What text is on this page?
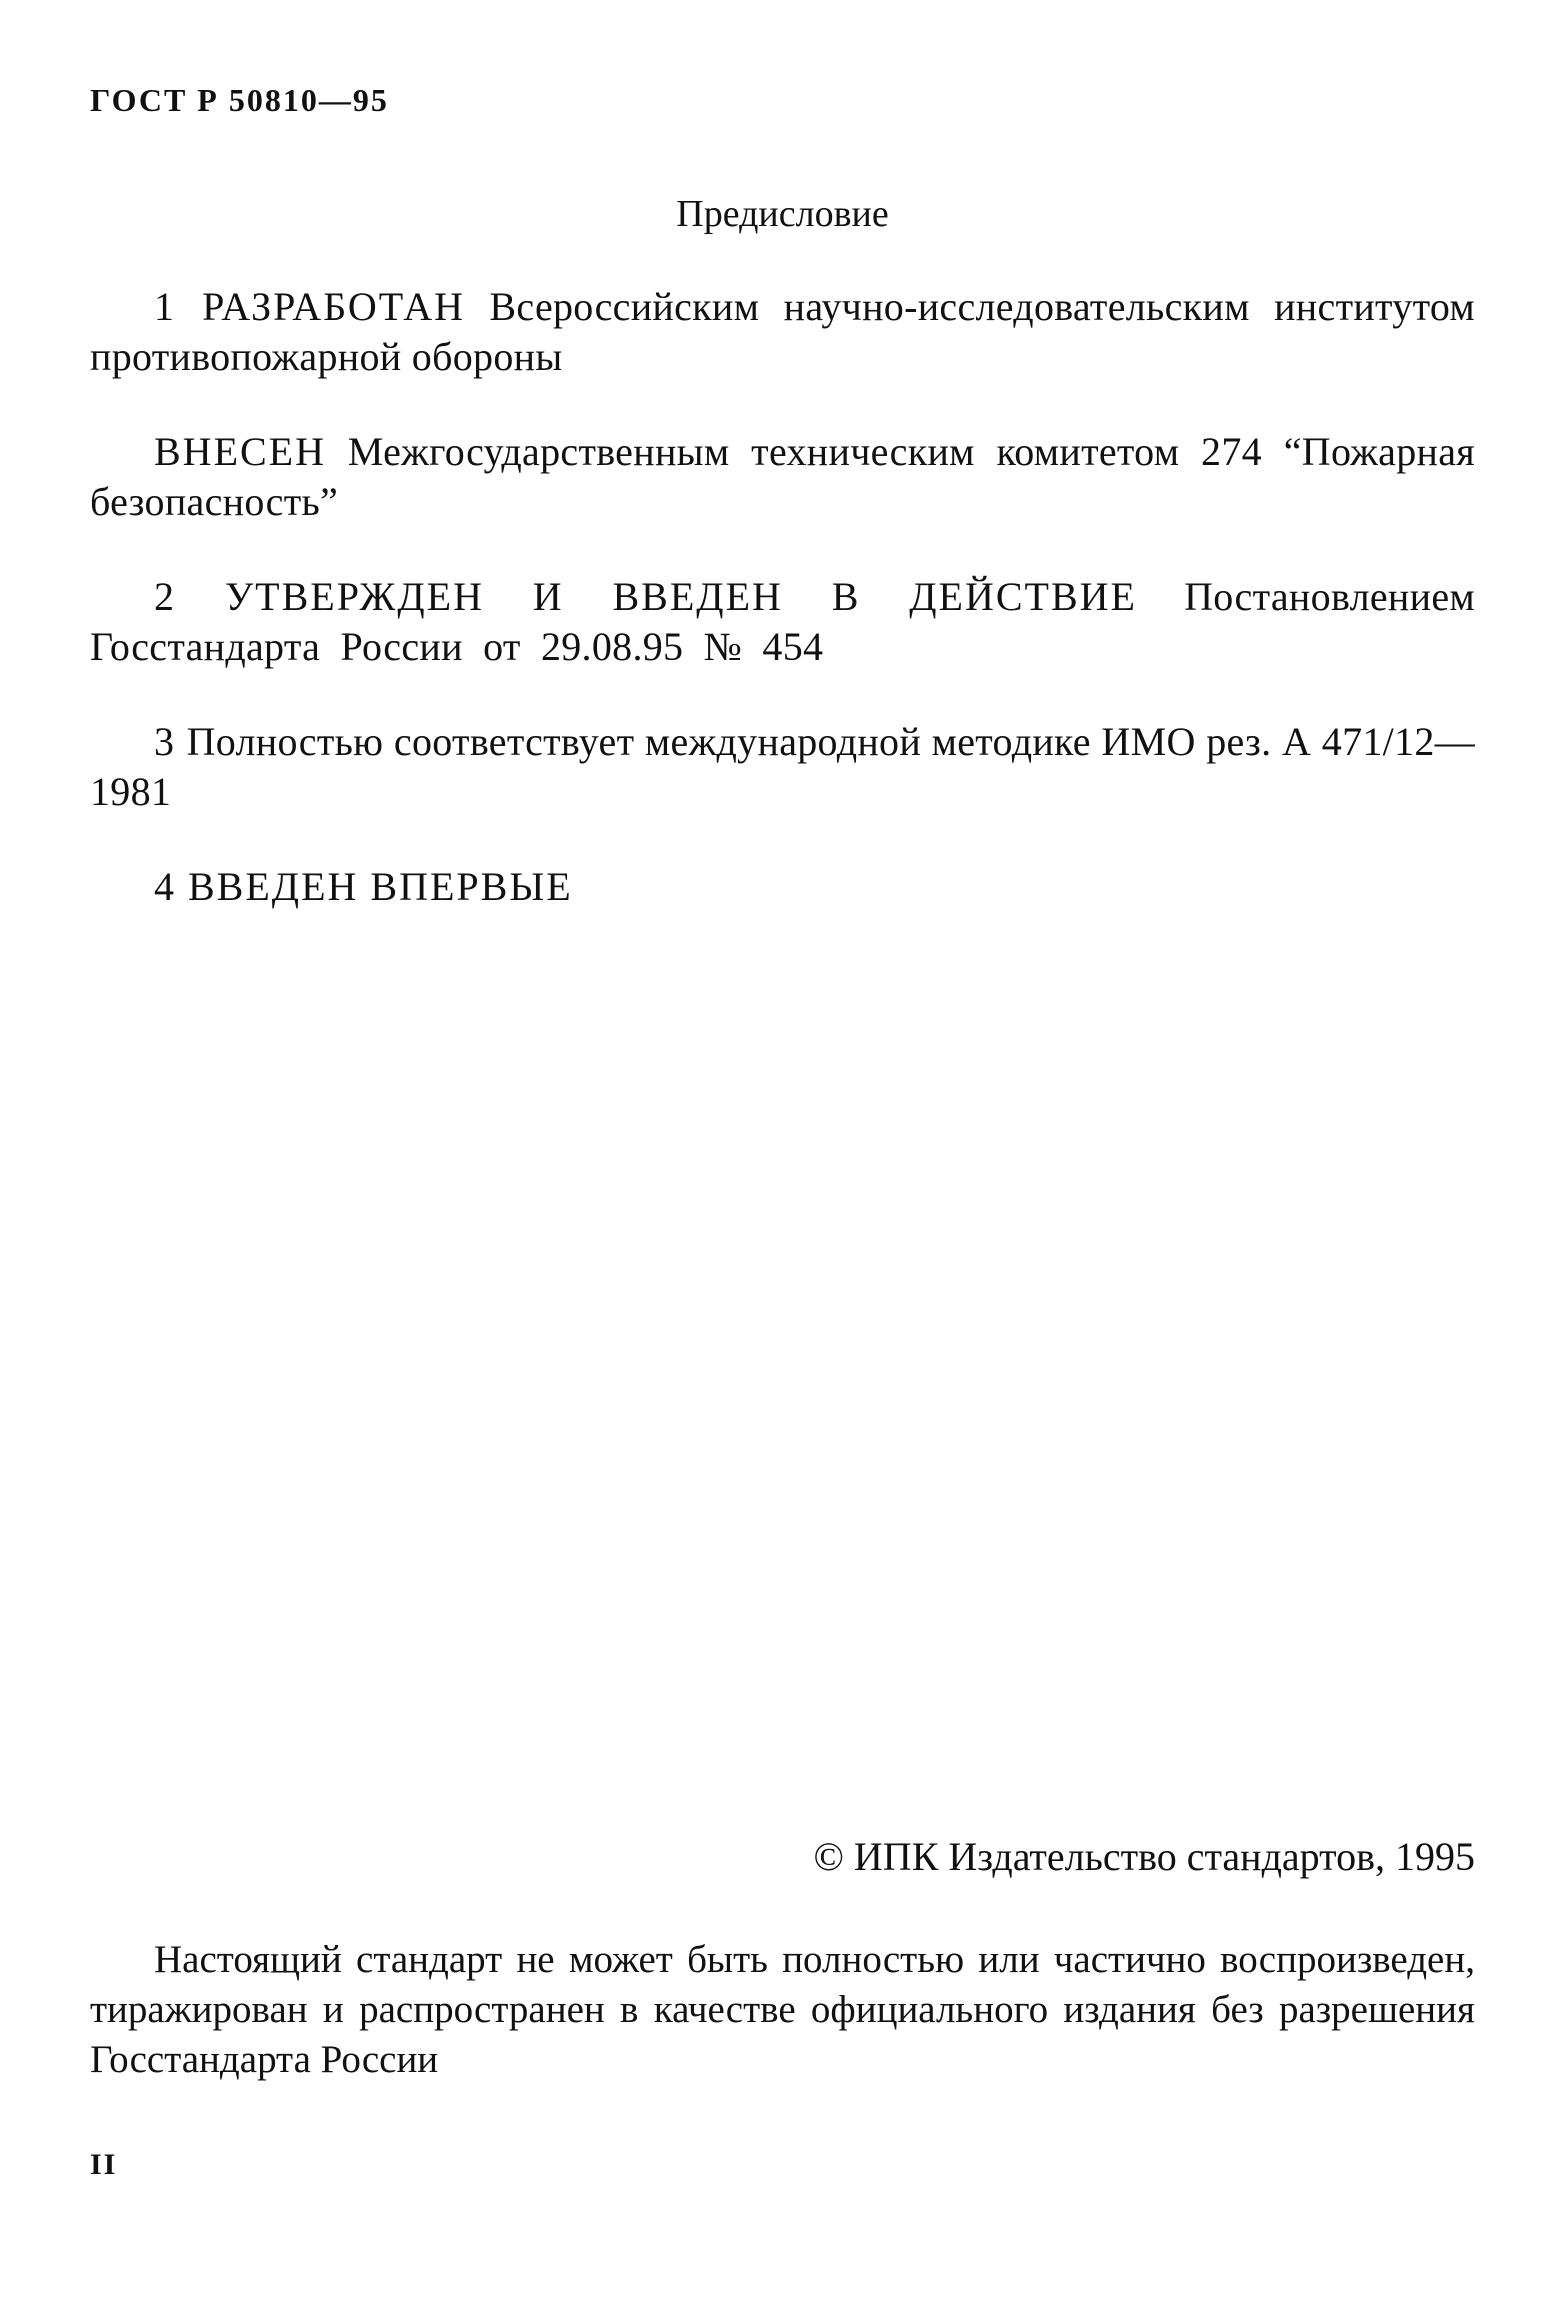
ГОСТ Р 50810—95
Предисловие

1 РАЗРАБОТАН Всероссийским научно-исследовательским институтом противопожарной обороны

ВНЕСЕН Межгосударственным техническим комитетом 274 “Пожарная безопасность”

2 УТВЕРЖДЕН И ВВЕДЕН В ДЕЙСТВИЕ Постановлением Госстандарта России от 29.08.95 № 454

3 Полностью соответствует международной методике ИМО рез. А 471/12—1981

4 ВВЕДЕН ВПЕРВЫЕ

© ИПК Издательство стандартов, 1995

Настоящий стандарт не может быть полностью или частично воспроизведен, тиражирован и распространен в качестве официального издания без разрешения Госстандарта России

II
